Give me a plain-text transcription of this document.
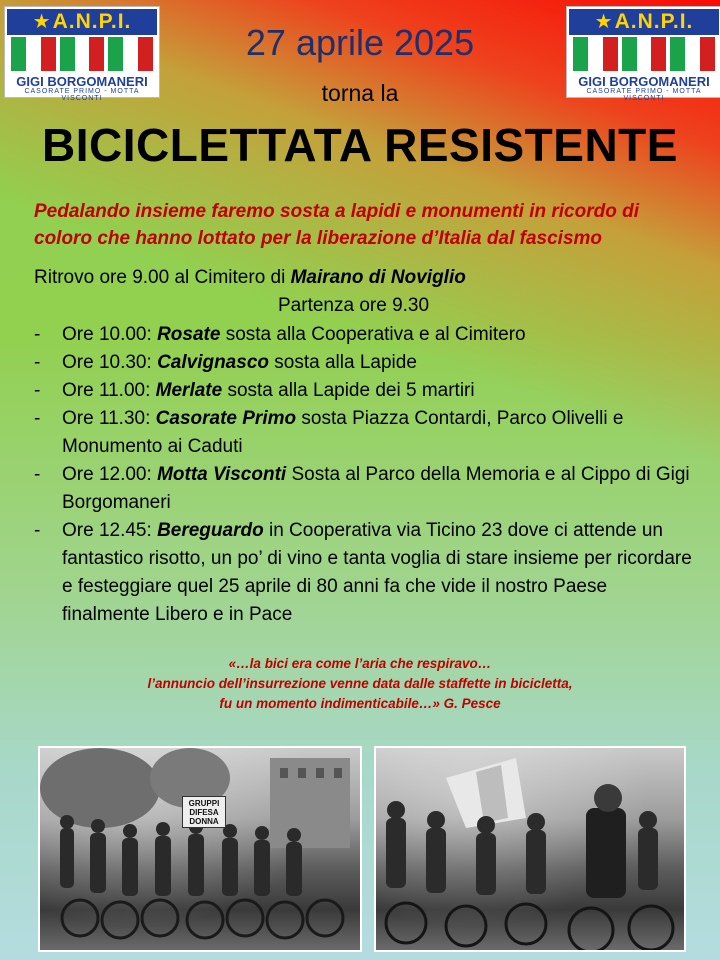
★A.N.P.I.
GIGI BORGOMANERI
CASORATE PRIMO - MOTTA VISCONTI
★A.N.P.I.
GIGI BORGOMANERI
CASORATE PRIMO - MOTTA VISCONTI
27 aprile 2025
torna la
BICICLETTATA RESISTENTE
Pedalando insieme faremo sosta a lapidi e monumenti in ricordo di coloro che hanno lottato per la liberazione d’Italia dal fascismo
Ritrovo ore 9.00 al Cimitero di Mairano di Noviglio
Partenza ore 9.30
- Ore 10.00: Rosate sosta alla Cooperativa e al Cimitero
- Ore 10.30: Calvignasco sosta alla Lapide
- Ore 11.00: Merlate sosta alla Lapide dei 5 martiri
- Ore 11.30: Casorate Primo sosta Piazza Contardi, Parco Olivelli e Monumento ai Caduti
- Ore 12.00: Motta Visconti Sosta al Parco della Memoria e al Cippo di Gigi Borgomaneri
- Ore 12.45: Bereguardo in Cooperativa via Ticino 23 dove ci attende un fantastico risotto, un po’ di vino e tanta voglia di stare insieme per ricordare e festeggiare quel 25 aprile di 80 anni fa che vide il nostro Paese finalmente Libero e in Pace
«…la bici era come l’aria che respiravo…
l’annuncio dell’insurrezione venne data dalle staffette in bicicletta,
fu un momento indimenticabile…» G. Pesce
GRUPPI DIFESA DONNA
